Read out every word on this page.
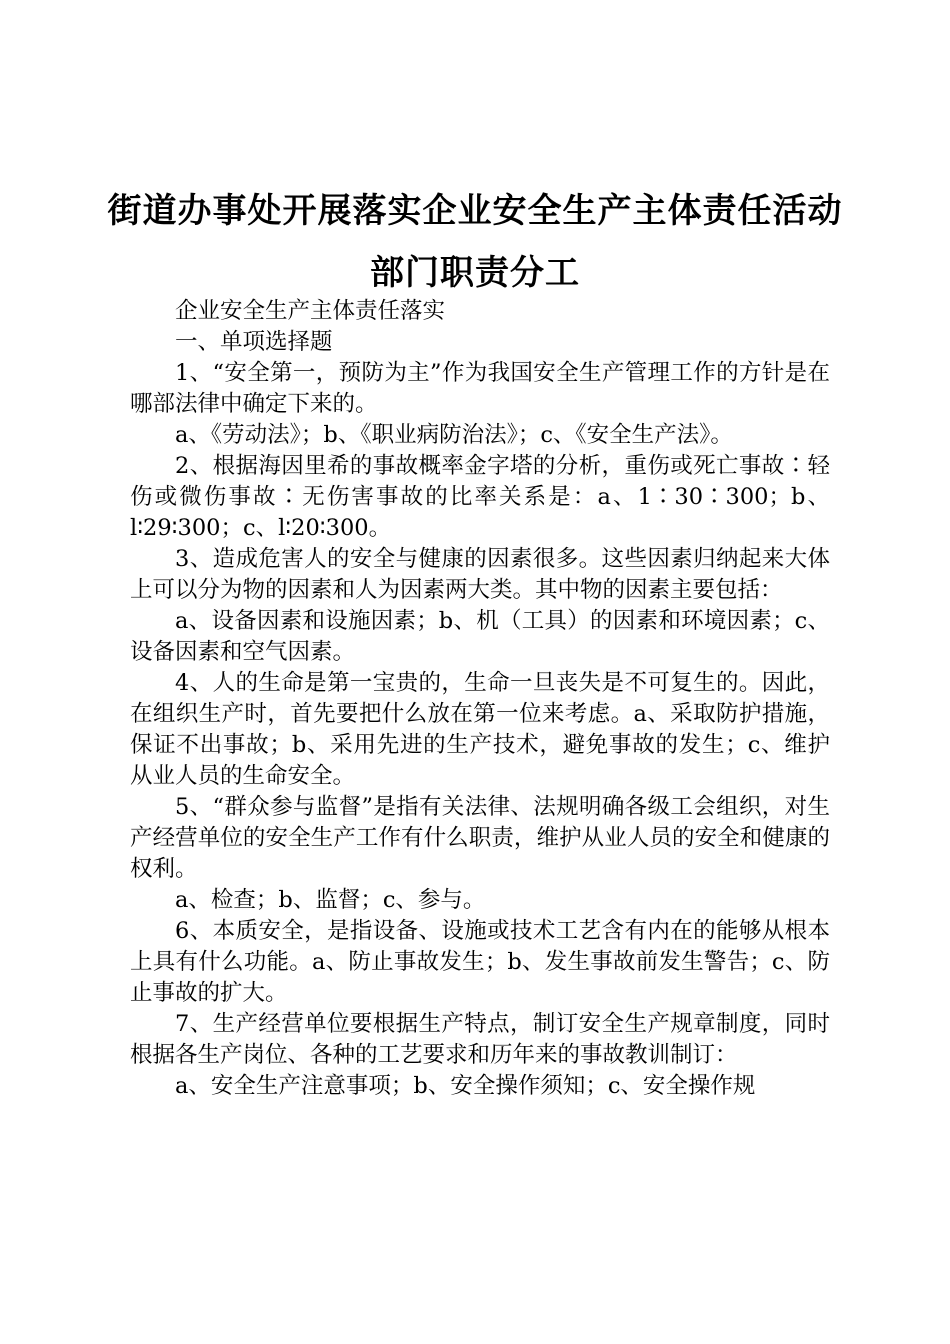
街道办事处开展落实企业安全生产主体责任活动部门职责分工

企业安全生产主体责任落实

一、单项选择题

1、“安全第一，预防为主”作为我国安全生产管理工作的方针是在哪部法律中确定下来的。

a、《劳动法》；b、《职业病防治法》；c、《安全生产法》。

2、根据海因里希的事故概率金字塔的分析，重伤或死亡事故∶轻伤或微伤事故∶无伤害事故的比率关系是：a、1∶30∶300；b、l∶29∶300；c、l∶20∶300。

3、造成危害人的安全与健康的因素很多。这些因素归纳起来大体上可以分为物的因素和人为因素两大类。其中物的因素主要包括：

a、设备因素和设施因素；b、机（工具）的因素和环境因素；c、设备因素和空气因素。

4、人的生命是第一宝贵的，生命一旦丧失是不可复生的。因此，在组织生产时，首先要把什么放在第一位来考虑。a、采取防护措施，保证不出事故；b、采用先进的生产技术，避免事故的发生；c、维护从业人员的生命安全。

5、“群众参与监督”是指有关法律、法规明确各级工会组织，对生产经营单位的安全生产工作有什么职责，维护从业人员的安全和健康的权利。

a、检查；b、监督；c、参与。

6、本质安全，是指设备、设施或技术工艺含有内在的能够从根本上具有什么功能。a、防止事故发生；b、发生事故前发生警告；c、防止事故的扩大。

7、生产经营单位要根据生产特点，制订安全生产规章制度，同时根据各生产岗位、各种的工艺要求和历年来的事故教训制订：

a、安全生产注意事项；b、安全操作须知；c、安全操作规
